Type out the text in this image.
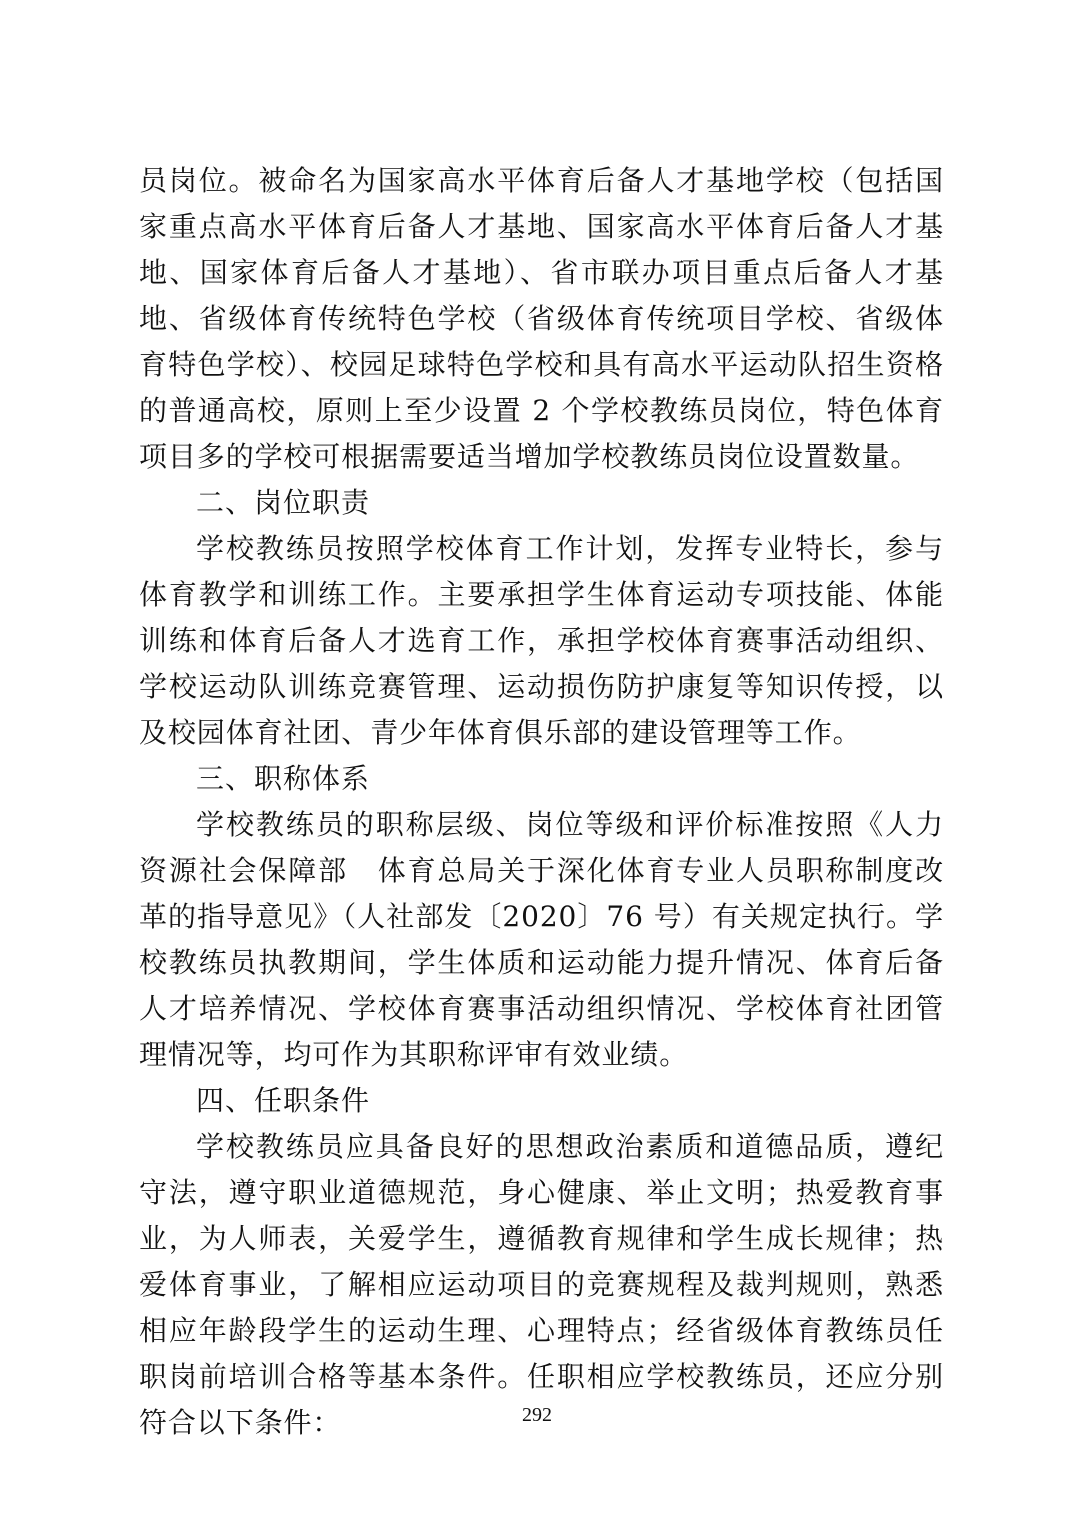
员岗位。被命名为国家高水平体育后备人才基地学校（包括国家重点高水平体育后备人才基地、国家高水平体育后备人才基地、国家体育后备人才基地）、省市联办项目重点后备人才基地、省级体育传统特色学校（省级体育传统项目学校、省级体育特色学校）、校园足球特色学校和具有高水平运动队招生资格的普通高校，原则上至少设置 2 个学校教练员岗位，特色体育项目多的学校可根据需要适当增加学校教练员岗位设置数量。

二、岗位职责

学校教练员按照学校体育工作计划，发挥专业特长，参与体育教学和训练工作。主要承担学生体育运动专项技能、体能训练和体育后备人才选育工作，承担学校体育赛事活动组织、学校运动队训练竞赛管理、运动损伤防护康复等知识传授，以及校园体育社团、青少年体育俱乐部的建设管理等工作。

三、职称体系

学校教练员的职称层级、岗位等级和评价标准按照《人力资源社会保障部　体育总局关于深化体育专业人员职称制度改革的指导意见》（人社部发〔2020〕76 号）有关规定执行。学校教练员执教期间，学生体质和运动能力提升情况、体育后备人才培养情况、学校体育赛事活动组织情况、学校体育社团管理情况等，均可作为其职称评审有效业绩。

四、任职条件

学校教练员应具备良好的思想政治素质和道德品质，遵纪守法，遵守职业道德规范，身心健康、举止文明；热爱教育事业，为人师表，关爱学生，遵循教育规律和学生成长规律；热爱体育事业，了解相应运动项目的竞赛规程及裁判规则，熟悉相应年龄段学生的运动生理、心理特点；经省级体育教练员任职岗前培训合格等基本条件。任职相应学校教练员，还应分别符合以下条件：	292
